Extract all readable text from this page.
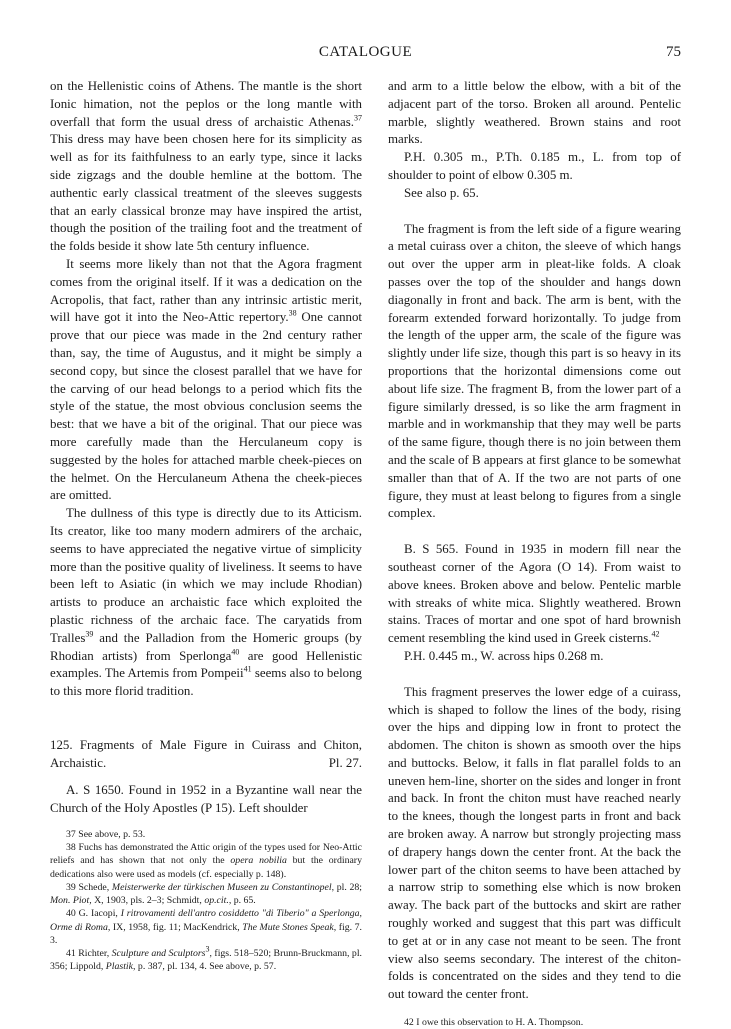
CATALOGUE	75

on the Hellenistic coins of Athens. The mantle is the short Ionic himation, not the peplos or the long mantle with overfall that form the usual dress of archaistic Athenas.$^{37}$ This dress may have been chosen here for its simplicity as well as for its faithfulness to an early type, since it lacks side zigzags and the double hemline at the bottom. The authentic early classical treatment of the sleeves suggests that an early classical bronze may have inspired the artist, though the position of the trailing foot and the treatment of the folds beside it show late 5th century influence.

It seems more likely than not that the Agora fragment comes from the original itself. If it was a dedication on the Acropolis, that fact, rather than any intrinsic artistic merit, will have got it into the Neo-Attic repertory.$^{38}$ One cannot prove that our piece was made in the 2nd century rather than, say, the time of Augustus, and it might be simply a second copy, but since the closest parallel that we have for the carving of our head belongs to a period which fits the style of the statue, the most obvious conclusion seems the best: that we have a bit of the original. That our piece was more carefully made than the Herculaneum copy is suggested by the holes for attached marble cheek-pieces on the helmet. On the Herculaneum Athena the cheek-pieces are omitted.

The dullness of this type is directly due to its Atticism. Its creator, like too many modern admirers of the archaic, seems to have appreciated the negative virtue of simplicity more than the positive quality of liveliness. It seems to have been left to Asiatic (in which we may include Rhodian) artists to produce an archaistic face which exploited the plastic richness of the archaic face. The caryatids from Tralles$^{39}$ and the Palladion from the Homeric groups (by Rhodian artists) from Sperlonga$^{40}$ are good Hellenistic examples. The Artemis from Pompeii$^{41}$ seems also to belong to this more florid tradition.

125. Fragments of Male Figure in Cuirass and Chiton, Archaistic.	Pl. 27.

A. S 1650. Found in 1952 in a Byzantine wall near the Church of the Holy Apostles (P 15). Left shoulder

37 See above, p. 53.

38 Fuchs has demonstrated the Attic origin of the types used for Neo-Attic reliefs and has shown that not only the opera nobilia but the ordinary dedications also were used as models (cf. especially p. 148).

39 Schede, Meisterwerke der türkischen Museen zu Constantinopel, pl. 28; Mon. Piot, X, 1903, pls. 2–3; Schmidt, op.cit., p. 65.

40 G. Iacopi, I ritrovamenti dell'antro cosiddetto "di Tiberio" a Sperlonga, Orme di Roma, IX, 1958, fig. 11; MacKendrick, The Mute Stones Speak, fig. 7. 3.

41 Richter, Sculpture and Sculptors$^3$, figs. 518–520; Brunn-Bruckmann, pl. 356; Lippold, Plastik, p. 387, pl. 134, 4. See above, p. 57.

and arm to a little below the elbow, with a bit of the adjacent part of the torso. Broken all around. Pentelic marble, slightly weathered. Brown stains and root marks.

P.H. 0.305 m., P.Th. 0.185 m., L. from top of shoulder to point of elbow 0.305 m.

See also p. 65.

The fragment is from the left side of a figure wearing a metal cuirass over a chiton, the sleeve of which hangs out over the upper arm in pleat-like folds. A cloak passes over the top of the shoulder and hangs down diagonally in front and back. The arm is bent, with the forearm extended forward horizontally. To judge from the length of the upper arm, the scale of the figure was slightly under life size, though this part is so heavy in its proportions that the horizontal dimensions come out about life size. The fragment B, from the lower part of a figure similarly dressed, is so like the arm fragment in marble and in workmanship that they may well be parts of the same figure, though there is no join between them and the scale of B appears at first glance to be somewhat smaller than that of A. If the two are not parts of one figure, they must at least belong to figures from a single complex.

B. S 565. Found in 1935 in modern fill near the southeast corner of the Agora (O 14). From waist to above knees. Broken above and below. Pentelic marble with streaks of white mica. Slightly weathered. Brown stains. Traces of mortar and one spot of hard brownish cement resembling the kind used in Greek cisterns.$^{42}$

P.H. 0.445 m., W. across hips 0.268 m.

This fragment preserves the lower edge of a cuirass, which is shaped to follow the lines of the body, rising over the hips and dipping low in front to protect the abdomen. The chiton is shown as smooth over the hips and buttocks. Below, it falls in flat parallel folds to an uneven hem-line, shorter on the sides and longer in front and back. In front the chiton must have reached nearly to the knees, though the longest parts in front and back are broken away. A narrow but strongly projecting mass of drapery hangs down the center front. At the back the lower part of the chiton seems to have been attached by a narrow strip to something else which is now broken away. The back part of the buttocks and skirt are rather roughly worked and suggest that this part was difficult to get at or in any case not meant to be seen. The front view also seems secondary. The interest of the chiton-folds is concentrated on the sides and they tend to die out toward the center front.

42 I owe this observation to H. A. Thompson.
